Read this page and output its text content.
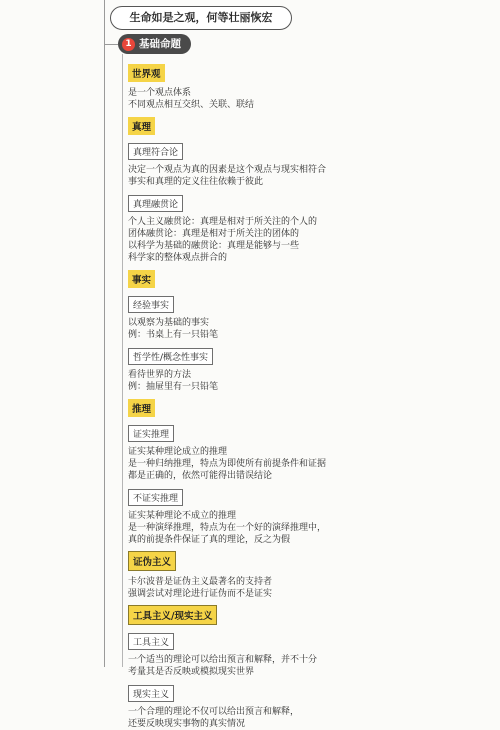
生命如是之观，何等壮丽恢宏
1 基础命题
世界观

是一个观点体系

不同观点相互交织、关联、联结

真理
真理符合论

决定一个观点为真的因素是这个观点与现实相符合

事实和真理的定义往往依赖于彼此

真理融贯论

个人主义融贯论：真理是相对于所关注的个人的

团体融贯论：真理是相对于所关注的团体的

以科学为基础的融贯论：真理是能够与一些

科学家的整体观点拼合的

事实
经验事实

以观察为基础的事实

例：书桌上有一只铅笔

哲学性/概念性事实

看待世界的方法

例：抽屉里有一只铅笔

推理
证实推理

证实某种理论成立的推理

是一种归纳推理，特点为即使所有前提条件和证据

都是正确的，依然可能得出错误结论

不证实推理

证实某种理论不成立的推理

是一种演绎推理，特点为在一个好的演绎推理中，

真的前提条件保证了真的理论，反之为假

证伪主义

卡尔波普是证伪主义最著名的支持者

强调尝试对理论进行证伪而不是证实

工具主义/现实主义
工具主义

一个适当的理论可以给出预言和解释，并不十分

考量其是否反映或模拟现实世界

现实主义

一个合理的理论不仅可以给出预言和解释，

还要反映现实事物的真实情况
